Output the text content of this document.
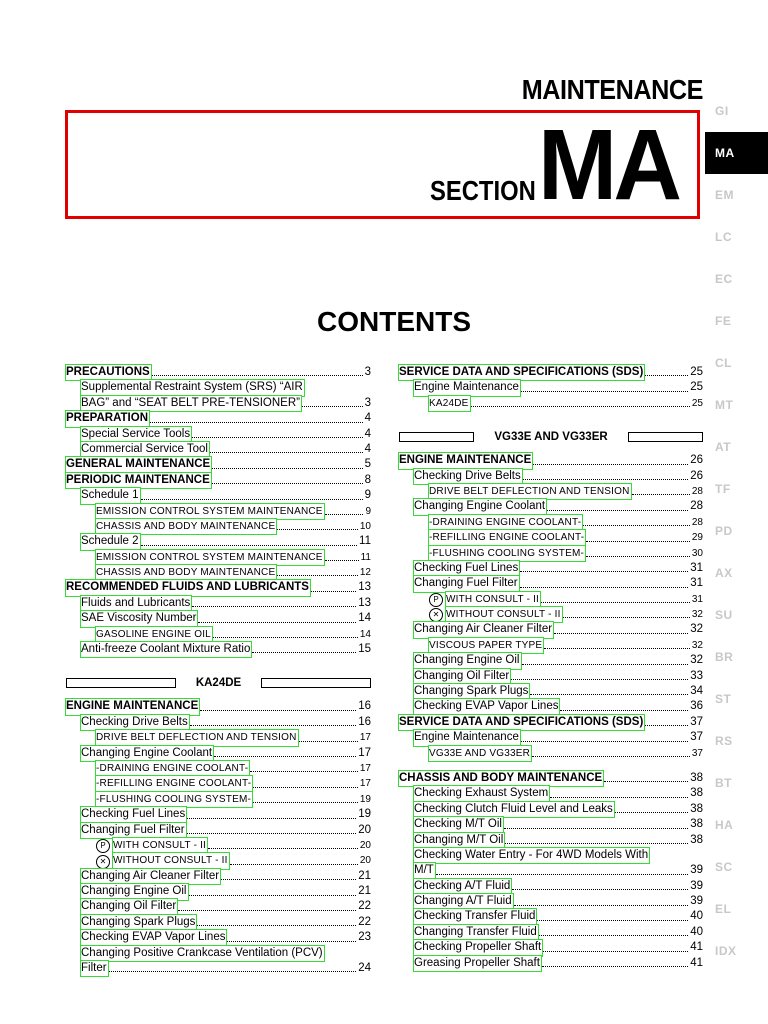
MAINTENANCE
SECTION MA
CONTENTS
GI
MA
EM
LC
EC
FE
CL
MT
AT
TF
PD
AX
SU
BR
ST
RS
BT
HA
SC
EL
IDX
PRECAUTIONS	3
Supplemental Restraint System (SRS) “AIR
BAG” and “SEAT BELT PRE-TENSIONER”	3
PREPARATION	4
Special Service Tools	4
Commercial Service Tool	4
GENERAL MAINTENANCE	5
PERIODIC MAINTENANCE	8
Schedule 1	9
EMISSION CONTROL SYSTEM MAINTENANCE	9
CHASSIS AND BODY MAINTENANCE	10
Schedule 2	11
EMISSION CONTROL SYSTEM MAINTENANCE	11
CHASSIS AND BODY MAINTENANCE	12
RECOMMENDED FLUIDS AND LUBRICANTS	13
Fluids and Lubricants	13
SAE Viscosity Number	14
GASOLINE ENGINE OIL	14
Anti-freeze Coolant Mixture Ratio	15
KA24DE
ENGINE MAINTENANCE	16
Checking Drive Belts	16
DRIVE BELT DEFLECTION AND TENSION	17
Changing Engine Coolant	17
-DRAINING ENGINE COOLANT-	17
-REFILLING ENGINE COOLANT-	17
-FLUSHING COOLING SYSTEM-	19
Checking Fuel Lines	19
Changing Fuel Filter	20
P WITH CONSULT - II	20
✕ WITHOUT CONSULT - II	20
Changing Air Cleaner Filter	21
Changing Engine Oil	21
Changing Oil Filter	22
Changing Spark Plugs	22
Checking EVAP Vapor Lines	23
Changing Positive Crankcase Ventilation (PCV)
Filter	24
SERVICE DATA AND SPECIFICATIONS (SDS)	25
Engine Maintenance	25
KA24DE	25
VG33E AND VG33ER
ENGINE MAINTENANCE	26
Checking Drive Belts	26
DRIVE BELT DEFLECTION AND TENSION	28
Changing Engine Coolant	28
-DRAINING ENGINE COOLANT-	28
-REFILLING ENGINE COOLANT-	29
-FLUSHING COOLING SYSTEM-	30
Checking Fuel Lines	31
Changing Fuel Filter	31
P WITH CONSULT - II	31
✕ WITHOUT CONSULT - II	32
Changing Air Cleaner Filter	32
VISCOUS PAPER TYPE	32
Changing Engine Oil	32
Changing Oil Filter	33
Changing Spark Plugs	34
Checking EVAP Vapor Lines	36
SERVICE DATA AND SPECIFICATIONS (SDS)	37
Engine Maintenance	37
VG33E AND VG33ER	37
CHASSIS AND BODY MAINTENANCE	38
Checking Exhaust System	38
Checking Clutch Fluid Level and Leaks	38
Checking M/T Oil	38
Changing M/T Oil	38
Checking Water Entry - For 4WD Models With
M/T	39
Checking A/T Fluid	39
Changing A/T Fluid	39
Checking Transfer Fluid	40
Changing Transfer Fluid	40
Checking Propeller Shaft	41
Greasing Propeller Shaft	41
